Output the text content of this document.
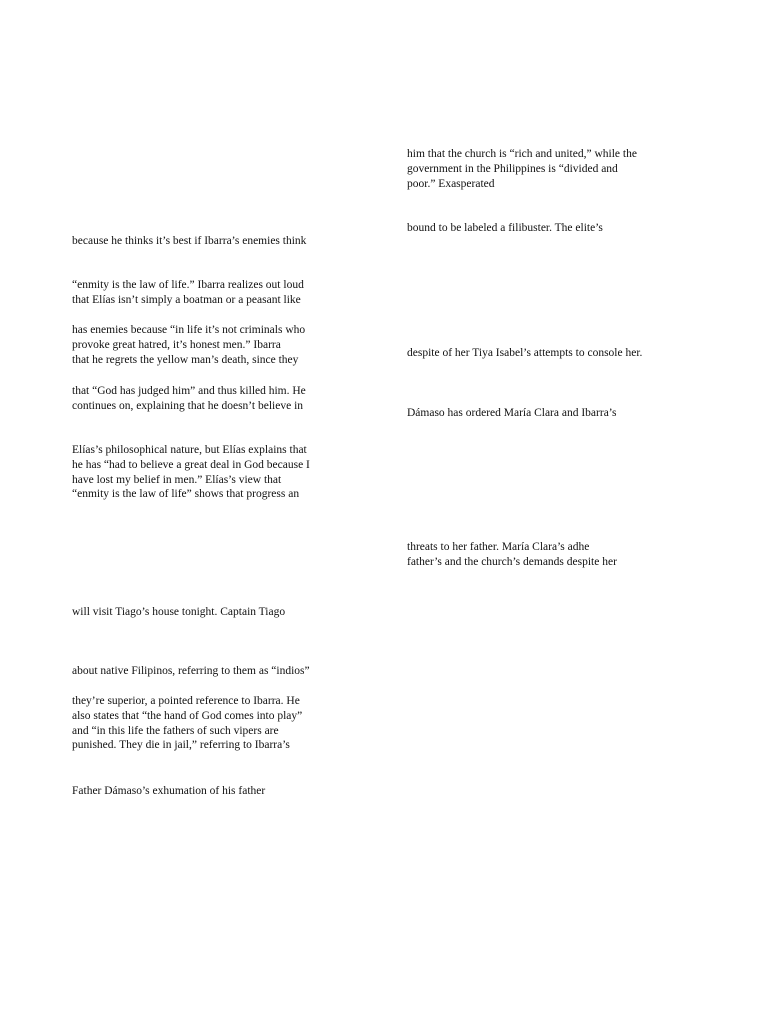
because he thinks it’s best if Ibarra’s enemies think
“enmity is the law of life.” Ibarra realizes out loud
that Elías isn’t simply a boatman or a peasant like
has enemies because “in life it’s not criminals who
provoke great hatred, it’s honest men.” Ibarra
that he regrets the yellow man’s death, since they
that “God has judged him” and thus killed him. He
continues on, explaining that he doesn’t believe in
Elías’s philosophical nature, but Elías explains that
he has “had to believe a great deal in God because I
have lost my belief in men.” Elías’s view that
“enmity is the law of life” shows that progress an
will visit Tiago’s house tonight. Captain Tiago
about native Filipinos, referring to them as “indios”
they’re superior, a pointed reference to Ibarra. He
also states that “the hand of God comes into play”
and “in this life the fathers of such vipers are
punished. They die in jail,” referring to Ibarra’s
Father Dámaso’s exhumation of his father
him that the church is “rich and united,” while the
government in the Philippines is “divided and
poor.” Exasperated
bound to be labeled a filibuster. The elite’s
despite of her Tiya Isabel’s attempts to console her.
Dámaso has ordered María Clara and Ibarra’s
threats to her father. María Clara’s adhe
father’s and the church’s demands despite her
